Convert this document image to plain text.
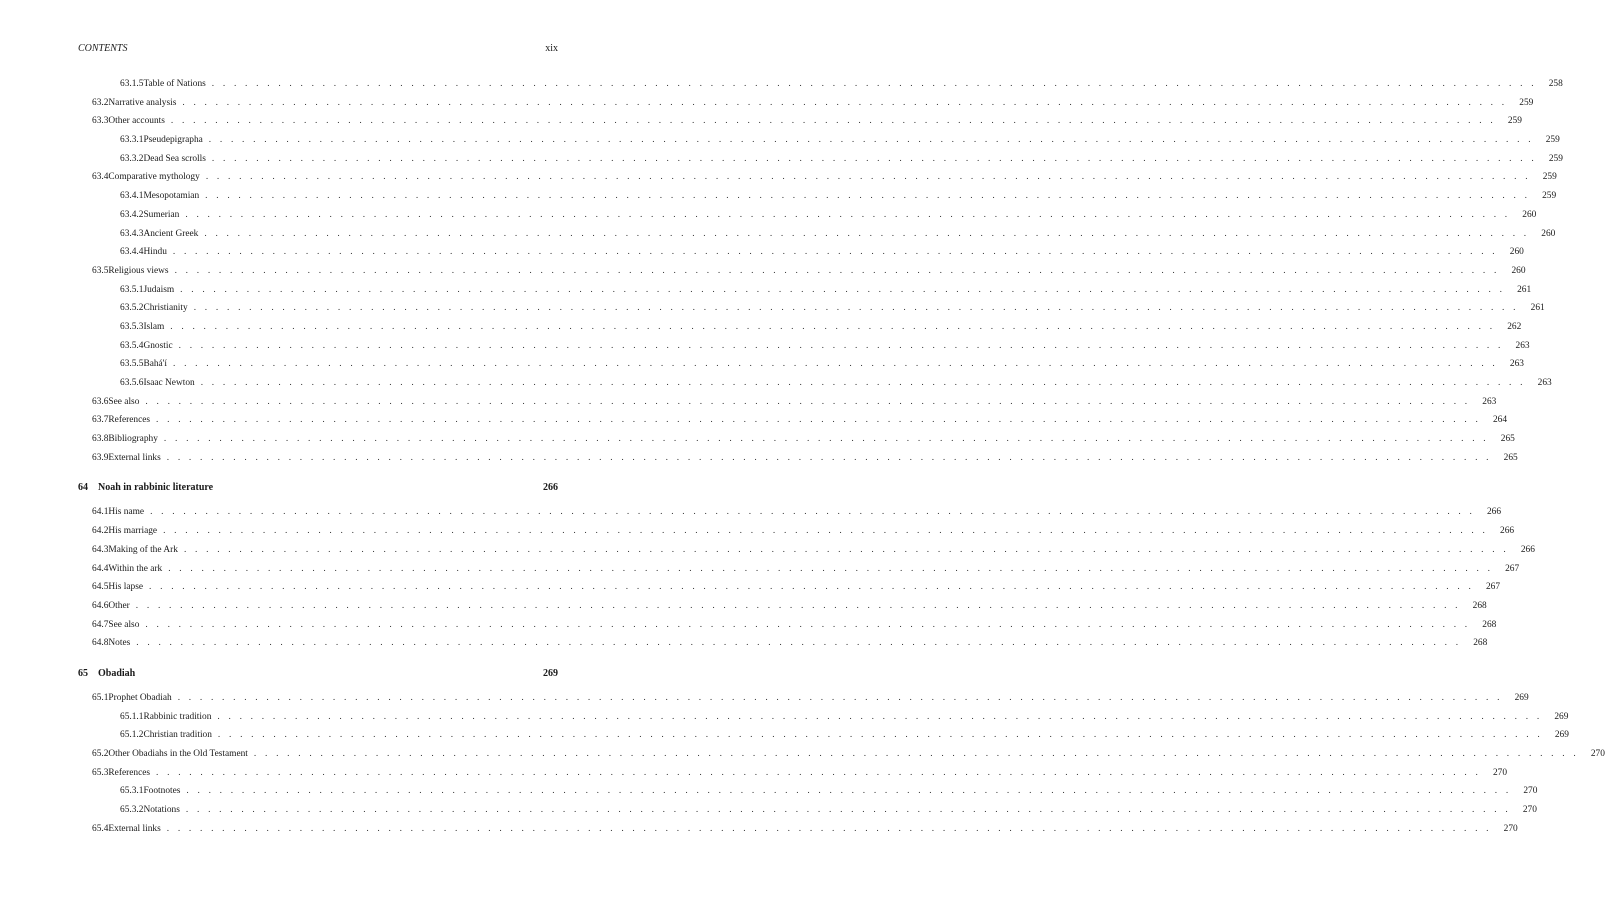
CONTENTS	xix
63.1.5 Table of Nations . . . . . . . . . . . . . . . . . . . . . . . . . . . . . . . . . . . . . . . . . . . . . . . . . . . . . . . . . . . . . . . . . . . . . . . . . . . . . . . . . . . . . . . . . . . . . . . . . . . . . . . . . . . . . . . . . . . . . . . .	258
63.2 Narrative analysis . . . . . . . . . . . . . . . . . . . . . . . . . . . . . . . . . . . . . . . . . . . . . . . . . . . . . . . . . . . . . . . . . . . . . . . . . . . . . . . . . . . . . . . . . . . . . . . . . . . . . . . . . . . . . . . . . . . . . . . .	259
63.3 Other accounts . . . . . . . . . . . . . . . . . . . . . . . . . . . . . . . . . . . . . . . . . . . . . . . . . . . . . . . . . . . . . . . . . . . . . . . . . . . . . . . . . . . . . . . . . . . . . . . . . . . . . . . . . . . . . . . . . . . . . . . .	259
63.3.1 Pseudepigrapha . . . . . . . . . . . . . . . . . . . . . . . . . . . . . . . . . . . . . . . . . . . . . . . . . . . . . . . . . . . . . . . . . . . . . . . . . . . . . . . . . . . . . . . . . . . . . . . . . . . . . . . . . . . . . . . . . . . . . . . .	259
63.3.2 Dead Sea scrolls . . . . . . . . . . . . . . . . . . . . . . . . . . . . . . . . . . . . . . . . . . . . . . . . . . . . . . . . . . . . . . . . . . . . . . . . . . . . . . . . . . . . . . . . . . . . . . . . . . . . . . . . . . . . . . . . . . . . . . . .	259
63.4 Comparative mythology . . . . . . . . . . . . . . . . . . . . . . . . . . . . . . . . . . . . . . . . . . . . . . . . . . . . . . . . . . . . . . . . . . . . . . . . . . . . . . . . . . . . . . . . . . . . . . . . . . . . . . . . . . . . . . . . . . . . . . . .	259
63.4.1 Mesopotamian . . . . . . . . . . . . . . . . . . . . . . . . . . . . . . . . . . . . . . . . . . . . . . . . . . . . . . . . . . . . . . . . . . . . . . . . . . . . . . . . . . . . . . . . . . . . . . . . . . . . . . . . . . . . . . . . . . . . . . . .	259
63.4.2 Sumerian . . . . . . . . . . . . . . . . . . . . . . . . . . . . . . . . . . . . . . . . . . . . . . . . . . . . . . . . . . . . . . . . . . . . . . . . . . . . . . . . . . . . . . . . . . . . . . . . . . . . . . . . . . . . . . . . . . . . . . . .	260
63.4.3 Ancient Greek . . . . . . . . . . . . . . . . . . . . . . . . . . . . . . . . . . . . . . . . . . . . . . . . . . . . . . . . . . . . . . . . . . . . . . . . . . . . . . . . . . . . . . . . . . . . . . . . . . . . . . . . . . . . . . . . . . . . . . . .	260
63.4.4 Hindu . . . . . . . . . . . . . . . . . . . . . . . . . . . . . . . . . . . . . . . . . . . . . . . . . . . . . . . . . . . . . . . . . . . . . . . . . . . . . . . . . . . . . . . . . . . . . . . . . . . . . . . . . . . . . . . . . . . . . . . .	260
63.5 Religious views . . . . . . . . . . . . . . . . . . . . . . . . . . . . . . . . . . . . . . . . . . . . . . . . . . . . . . . . . . . . . . . . . . . . . . . . . . . . . . . . . . . . . . . . . . . . . . . . . . . . . . . . . . . . . . . . . . . . . . . .	260
63.5.1 Judaism . . . . . . . . . . . . . . . . . . . . . . . . . . . . . . . . . . . . . . . . . . . . . . . . . . . . . . . . . . . . . . . . . . . . . . . . . . . . . . . . . . . . . . . . . . . . . . . . . . . . . . . . . . . . . . . . . . . . . . . .	261
63.5.2 Christianity . . . . . . . . . . . . . . . . . . . . . . . . . . . . . . . . . . . . . . . . . . . . . . . . . . . . . . . . . . . . . . . . . . . . . . . . . . . . . . . . . . . . . . . . . . . . . . . . . . . . . . . . . . . . . . . . . . . . . . . .	261
63.5.3 Islam . . . . . . . . . . . . . . . . . . . . . . . . . . . . . . . . . . . . . . . . . . . . . . . . . . . . . . . . . . . . . . . . . . . . . . . . . . . . . . . . . . . . . . . . . . . . . . . . . . . . . . . . . . . . . . . . . . . . . . . .	262
63.5.4 Gnostic . . . . . . . . . . . . . . . . . . . . . . . . . . . . . . . . . . . . . . . . . . . . . . . . . . . . . . . . . . . . . . . . . . . . . . . . . . . . . . . . . . . . . . . . . . . . . . . . . . . . . . . . . . . . . . . . . . . . . . . .	263
63.5.5 Bahá'í . . . . . . . . . . . . . . . . . . . . . . . . . . . . . . . . . . . . . . . . . . . . . . . . . . . . . . . . . . . . . . . . . . . . . . . . . . . . . . . . . . . . . . . . . . . . . . . . . . . . . . . . . . . . . . . . . . . . . . . .	263
63.5.6 Isaac Newton . . . . . . . . . . . . . . . . . . . . . . . . . . . . . . . . . . . . . . . . . . . . . . . . . . . . . . . . . . . . . . . . . . . . . . . . . . . . . . . . . . . . . . . . . . . . . . . . . . . . . . . . . . . . . . . . . . . . . . . .	263
63.6 See also . . . . . . . . . . . . . . . . . . . . . . . . . . . . . . . . . . . . . . . . . . . . . . . . . . . . . . . . . . . . . . . . . . . . . . . . . . . . . . . . . . . . . . . . . . . . . . . . . . . . . . . . . . . . . . . . . . . . . . . .	263
63.7 References . . . . . . . . . . . . . . . . . . . . . . . . . . . . . . . . . . . . . . . . . . . . . . . . . . . . . . . . . . . . . . . . . . . . . . . . . . . . . . . . . . . . . . . . . . . . . . . . . . . . . . . . . . . . . . . . . . . . . . . .	264
63.8 Bibliography . . . . . . . . . . . . . . . . . . . . . . . . . . . . . . . . . . . . . . . . . . . . . . . . . . . . . . . . . . . . . . . . . . . . . . . . . . . . . . . . . . . . . . . . . . . . . . . . . . . . . . . . . . . . . . . . . . . . . . . .	265
63.9 External links . . . . . . . . . . . . . . . . . . . . . . . . . . . . . . . . . . . . . . . . . . . . . . . . . . . . . . . . . . . . . . . . . . . . . . . . . . . . . . . . . . . . . . . . . . . . . . . . . . . . . . . . . . . . . . . . . . . . . . . .	265
64 Noah in rabbinic literature	266
64.1 His name . . . . . . . . . . . . . . . . . . . . . . . . . . . . . . . . . . . . . . . . . . . . . . . . . . . . . . . . . . . . . . . . . . . . . . . . . . . . . . . . . . . . . . . . . . . . . . . . . . . . . . . . . . . . . . . . . . . . . . . .	266
64.2 His marriage . . . . . . . . . . . . . . . . . . . . . . . . . . . . . . . . . . . . . . . . . . . . . . . . . . . . . . . . . . . . . . . . . . . . . . . . . . . . . . . . . . . . . . . . . . . . . . . . . . . . . . . . . . . . . . . . . . . . . . . .	266
64.3 Making of the Ark . . . . . . . . . . . . . . . . . . . . . . . . . . . . . . . . . . . . . . . . . . . . . . . . . . . . . . . . . . . . . . . . . . . . . . . . . . . . . . . . . . . . . . . . . . . . . . . . . . . . . . . . . . . . . . . . . . . . . . . .	266
64.4 Within the ark . . . . . . . . . . . . . . . . . . . . . . . . . . . . . . . . . . . . . . . . . . . . . . . . . . . . . . . . . . . . . . . . . . . . . . . . . . . . . . . . . . . . . . . . . . . . . . . . . . . . . . . . . . . . . . . . . . . . . . . .	267
64.5 His lapse . . . . . . . . . . . . . . . . . . . . . . . . . . . . . . . . . . . . . . . . . . . . . . . . . . . . . . . . . . . . . . . . . . . . . . . . . . . . . . . . . . . . . . . . . . . . . . . . . . . . . . . . . . . . . . . . . . . . . . . .	267
64.6 Other . . . . . . . . . . . . . . . . . . . . . . . . . . . . . . . . . . . . . . . . . . . . . . . . . . . . . . . . . . . . . . . . . . . . . . . . . . . . . . . . . . . . . . . . . . . . . . . . . . . . . . . . . . . . . . . . . . . . . . . .	268
64.7 See also . . . . . . . . . . . . . . . . . . . . . . . . . . . . . . . . . . . . . . . . . . . . . . . . . . . . . . . . . . . . . . . . . . . . . . . . . . . . . . . . . . . . . . . . . . . . . . . . . . . . . . . . . . . . . . . . . . . . . . . .	268
64.8 Notes . . . . . . . . . . . . . . . . . . . . . . . . . . . . . . . . . . . . . . . . . . . . . . . . . . . . . . . . . . . . . . . . . . . . . . . . . . . . . . . . . . . . . . . . . . . . . . . . . . . . . . . . . . . . . . . . . . . . . . . .	268
65 Obadiah	269
65.1 Prophet Obadiah . . . . . . . . . . . . . . . . . . . . . . . . . . . . . . . . . . . . . . . . . . . . . . . . . . . . . . . . . . . . . . . . . . . . . . . . . . . . . . . . . . . . . . . . . . . . . . . . . . . . . . . . . . . . . . . . . . . . . . . .	269
65.1.1 Rabbinic tradition . . . . . . . . . . . . . . . . . . . . . . . . . . . . . . . . . . . . . . . . . . . . . . . . . . . . . . . . . . . . . . . . . . . . . . . . . . . . . . . . . . . . . . . . . . . . . . . . . . . . . . . . . . . . . . . . . . . . . . . .	269
65.1.2 Christian tradition . . . . . . . . . . . . . . . . . . . . . . . . . . . . . . . . . . . . . . . . . . . . . . . . . . . . . . . . . . . . . . . . . . . . . . . . . . . . . . . . . . . . . . . . . . . . . . . . . . . . . . . . . . . . . . . . . . . . . . . .	269
65.2 Other Obadiahs in the Old Testament . . . . . . . . . . . . . . . . . . . . . . . . . . . . . . . . . . . . . . . . . . . . . . . . . . . . . . . . . . . . . . . . . . . . . . . . . . . . . . . . . . . . . . . . . . . . . . . . . . . . . . . . . . . . . . . . . . . . . . . .	270
65.3 References . . . . . . . . . . . . . . . . . . . . . . . . . . . . . . . . . . . . . . . . . . . . . . . . . . . . . . . . . . . . . . . . . . . . . . . . . . . . . . . . . . . . . . . . . . . . . . . . . . . . . . . . . . . . . . . . . . . . . . . .	270
65.3.1 Footnotes . . . . . . . . . . . . . . . . . . . . . . . . . . . . . . . . . . . . . . . . . . . . . . . . . . . . . . . . . . . . . . . . . . . . . . . . . . . . . . . . . . . . . . . . . . . . . . . . . . . . . . . . . . . . . . . . . . . . . . . .	270
65.3.2 Notations . . . . . . . . . . . . . . . . . . . . . . . . . . . . . . . . . . . . . . . . . . . . . . . . . . . . . . . . . . . . . . . . . . . . . . . . . . . . . . . . . . . . . . . . . . . . . . . . . . . . . . . . . . . . . . . . . . . . . . . .	270
65.4 External links . . . . . . . . . . . . . . . . . . . . . . . . . . . . . . . . . . . . . . . . . . . . . . . . . . . . . . . . . . . . . . . . . . . . . . . . . . . . . . . . . . . . . . . . . . . . . . . . . . . . . . . . . . . . . . . . . . . . . . . .	270
